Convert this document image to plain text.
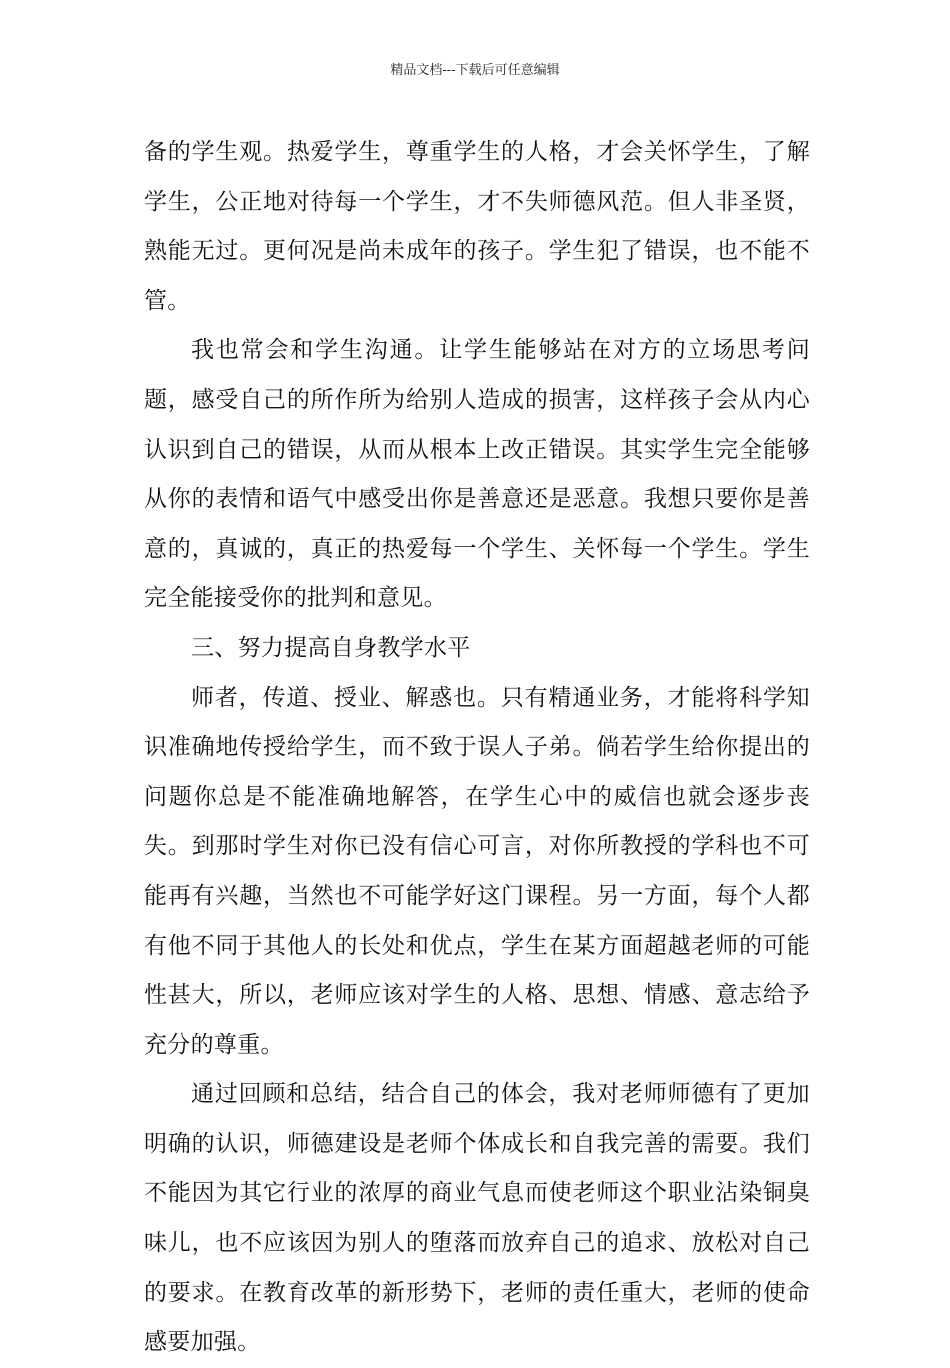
精品文档---下载后可任意编辑

备的学生观。热爱学生，尊重学生的人格，才会关怀学生，了解学生，公正地对待每一个学生，才不失师德风范。但人非圣贤，熟能无过。更何况是尚未成年的孩子。学生犯了错误，也不能不管。

我也常会和学生沟通。让学生能够站在对方的立场思考问题，感受自己的所作所为给别人造成的损害，这样孩子会从内心认识到自己的错误，从而从根本上改正错误。其实学生完全能够从你的表情和语气中感受出你是善意还是恶意。我想只要你是善意的，真诚的，真正的热爱每一个学生、关怀每一个学生。学生完全能接受你的批判和意见。

三、努力提高自身教学水平

师者，传道、授业、解惑也。只有精通业务，才能将科学知识准确地传授给学生，而不致于误人子弟。倘若学生给你提出的问题你总是不能准确地解答，在学生心中的威信也就会逐步丧失。到那时学生对你已没有信心可言，对你所教授的学科也不可能再有兴趣，当然也不可能学好这门课程。另一方面，每个人都有他不同于其他人的长处和优点，学生在某方面超越老师的可能性甚大，所以，老师应该对学生的人格、思想、情感、意志给予充分的尊重。

通过回顾和总结，结合自己的体会，我对老师师德有了更加明确的认识，师德建设是老师个体成长和自我完善的需要。我们不能因为其它行业的浓厚的商业气息而使老师这个职业沾染铜臭味儿，也不应该因为别人的堕落而放弃自己的追求、放松对自己的要求。在教育改革的新形势下，老师的责任重大，老师的使命感要加强。
